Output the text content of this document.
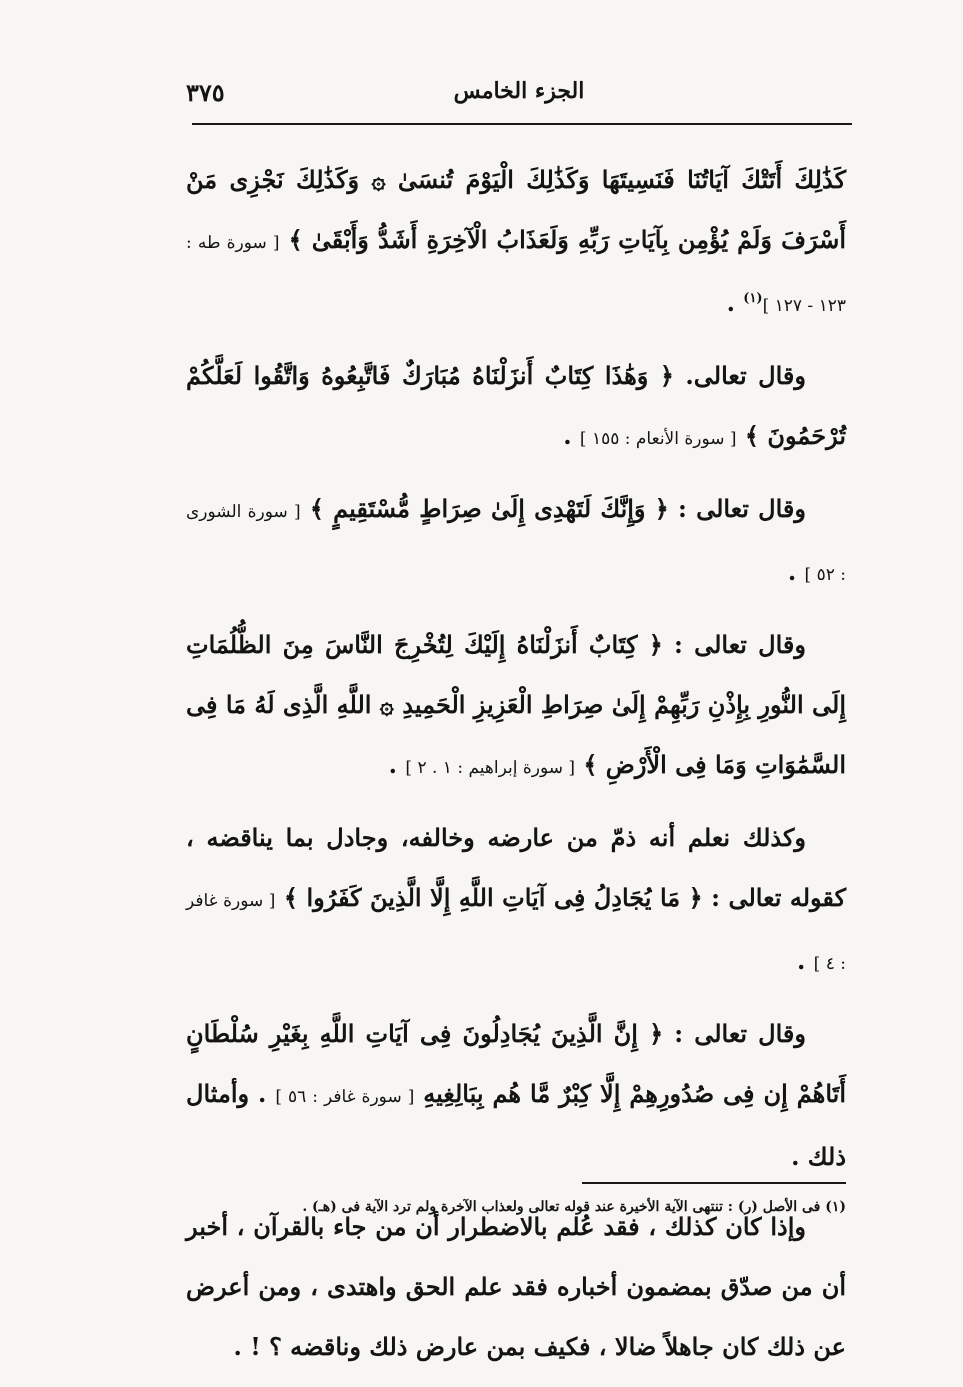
٣٧٥	الجزء الخامس

كَذَٰلِكَ أَتَتْكَ آيَاتُنَا فَنَسِيتَهَا وَكَذَٰلِكَ الْيَوْمَ تُنسَىٰ ۞ وَكَذَٰلِكَ نَجْزِى مَنْ أَسْرَفَ وَلَمْ يُؤْمِن بِآيَاتِ رَبِّهِ وَلَعَذَابُ الْآخِرَةِ أَشَدُّ وَأَبْقَىٰ ﴾ [ سورة طه : ١٢٣ - ١٢٧ ]$^{(١)}$ .

وقال تعالى. ﴿ وَهَٰذَا كِتَابٌ أَنزَلْنَاهُ مُبَارَكٌ فَاتَّبِعُوهُ وَاتَّقُوا لَعَلَّكُمْ تُرْحَمُونَ ﴾ [ سورة الأنعام : ١٥٥ ] .

وقال تعالى : ﴿ وَإِنَّكَ لَتَهْدِى إِلَىٰ صِرَاطٍ مُّسْتَقِيمٍ ﴾ [ سورة الشورى : ٥٢ ] .

وقال تعالى : ﴿ كِتَابٌ أَنزَلْنَاهُ إِلَيْكَ لِتُخْرِجَ النَّاسَ مِنَ الظُّلُمَاتِ إِلَى النُّورِ بِإِذْنِ رَبِّهِمْ إِلَىٰ صِرَاطِ الْعَزِيزِ الْحَمِيدِ ۞ اللَّهِ الَّذِى لَهُ مَا فِى السَّمَٰوَاتِ وَمَا فِى الْأَرْضِ ﴾ [ سورة إبراهيم : ١ . ٢ ] .

وكذلك نعلم أنه ذمّ من عارضه وخالفه، وجادل بما يناقضه ، كقوله تعالى : ﴿ مَا يُجَادِلُ فِى آيَاتِ اللَّهِ إِلَّا الَّذِينَ كَفَرُوا ﴾ [ سورة غافر : ٤ ] .

وقال تعالى : ﴿ إِنَّ الَّذِينَ يُجَادِلُونَ فِى آيَاتِ اللَّهِ بِغَيْرِ سُلْطَانٍ أَتَاهُمْ إِن فِى صُدُورِهِمْ إِلَّا كِبْرٌ مَّا هُم بِبَالِغِيهِ [ سورة غافر : ٥٦ ] . وأمثال ذلك .

وإذا كان كذلك ، فقد عُلم بالاضطرار أن من جاء بالقرآن ، أخبر أن من صدّق بمضمون أخباره فقد علم الحق واهتدى ، ومن أعرض عن ذلك كان جاهلاً ضالا ، فكيف بمن عارض ذلك وناقضه ؟ ! .

(١) فى الأصل (ر) : تنتهى الآية الأخيرة عند قوله تعالى ولعذاب الآخرة ولم ترد الآية فى (هـ) .
